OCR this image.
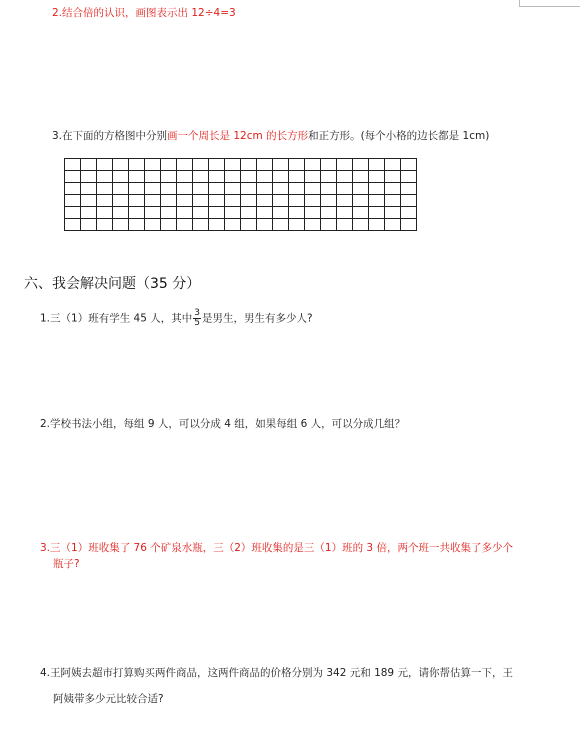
2.结合倍的认识，画图表示出 12÷4=3
3.在下面的方格图中分别画一个周长是 12cm 的长方形和正方形。(每个小格的边长都是 1cm)

六、我会解决问题（35 分）
1.三（1）班有学生 45 人，其中 $\frac{3}{5}$ 是男生，男生有多少人?
2.学校书法小组，每组 9 人，可以分成 4 组，如果每组 6 人，可以分成几组？
3.三（1）班收集了 76 个矿泉水瓶，三（2）班收集的是三（1）班的 3 倍，两个班一共收集了多少个
瓶子?
4.王阿姨去超市打算购买两件商品，这两件商品的价格分别为 342 元和 189 元，请你帮估算一下，王
阿姨带多少元比较合适?
